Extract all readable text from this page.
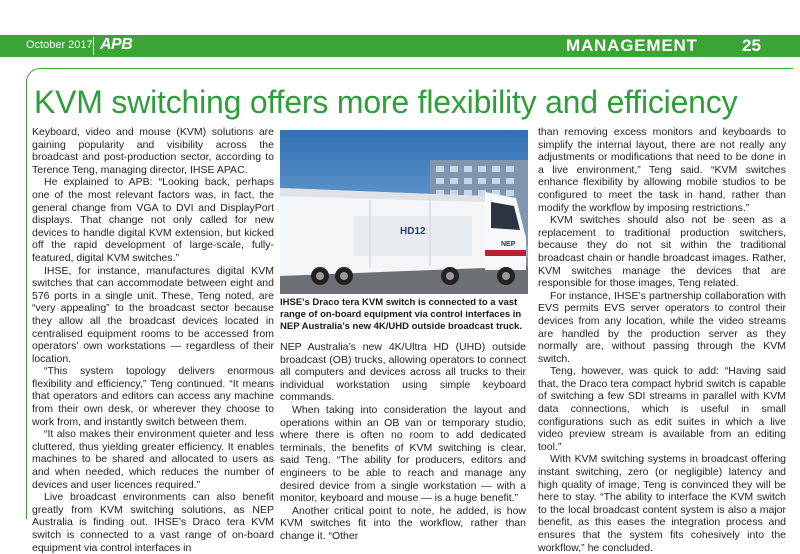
October 2017 APB	MANAGEMENT	25
KVM switching offers more flexibility and efficiency

Keyboard, video and mouse (KVM) solutions are gaining popularity and visibility across the broadcast and post-production sector, according to Terence Teng, managing director, IHSE APAC.

He explained to APB: “Looking back, perhaps one of the most relevant factors was, in fact, the general change from VGA to DVI and DisplayPort displays. That change not only called for new devices to handle digital KVM extension, but kicked off the rapid development of large-scale, fully-featured, digital KVM switches.”

IHSE, for instance, manufactures digital KVM switches that can accommodate between eight and 576 ports in a single unit. These, Teng noted, are “very appealing” to the broadcast sector because they allow all the broadcast devices located in centralised equipment rooms to be accessed from operators’ own workstations — regardless of their location.

“This system topology delivers enormous flexibility and efficiency,” Teng continued. “It means that operators and editors can access any machine from their own desk, or wherever they choose to work from, and instantly switch between them.

“It also makes their environment quieter and less cluttered, thus yielding greater efficiency. It enables machines to be shared and allocated to users as and when needed, which reduces the number of devices and user licences required.”

Live broadcast environments can also benefit greatly from KVM switching solutions, as NEP Australia is finding out. IHSE’s Draco tera KVM switch is connected to a vast range of on-board equipment via control interfaces in

HD12
NEP
IHSE’s Draco tera KVM switch is connected to a vast range of on-board equipment via control interfaces in NEP Australia’s new 4K/UHD outside broadcast truck.

NEP Australia’s new 4K/Ultra HD (UHD) outside broadcast (OB) trucks, allowing operators to connect all computers and devices across all trucks to their individual workstation using simple keyboard commands.

When taking into consideration the layout and operations within an OB van or temporary studio, where there is often no room to add dedicated terminals, the benefits of KVM switching is clear, said Teng. “The ability for producers, editors and engineers to be able to reach and manage any desired device from a single workstation — with a monitor, keyboard and mouse — is a huge benefit.”

Another critical point to note, he added, is how KVM switches fit into the workflow, rather than change it. “Other

than removing excess monitors and keyboards to simplify the internal layout, there are not really any adjustments or modifications that need to be done in a live environment,” Teng said. “KVM switches enhance flexibility by allowing mobile studios to be configured to meet the task in hand, rather than modify the workflow by imposing restrictions.”

KVM switches should also not be seen as a replacement to traditional production switchers, because they do not sit within the traditional broadcast chain or handle broadcast images. Rather, KVM switches manage the devices that are responsible for those images, Teng related.

For instance, IHSE’s partnership collaboration with EVS permits EVS server operators to control their devices from any location, while the video streams are handled by the production server as they normally are, without passing through the KVM switch.

Teng, however, was quick to add: “Having said that, the Draco tera compact hybrid switch is capable of switching a few SDI streams in parallel with KVM data connections, which is useful in small configurations such as edit suites in which a live video preview stream is available from an editing tool.”

With KVM switching systems in broadcast offering instant switching, zero (or negligible) latency and high quality of image, Teng is convinced they will be here to stay. “The ability to interface the KVM switch to the local broadcast content system is also a major benefit, as this eases the integration process and ensures that the system fits cohesively into the workflow,” he concluded.
